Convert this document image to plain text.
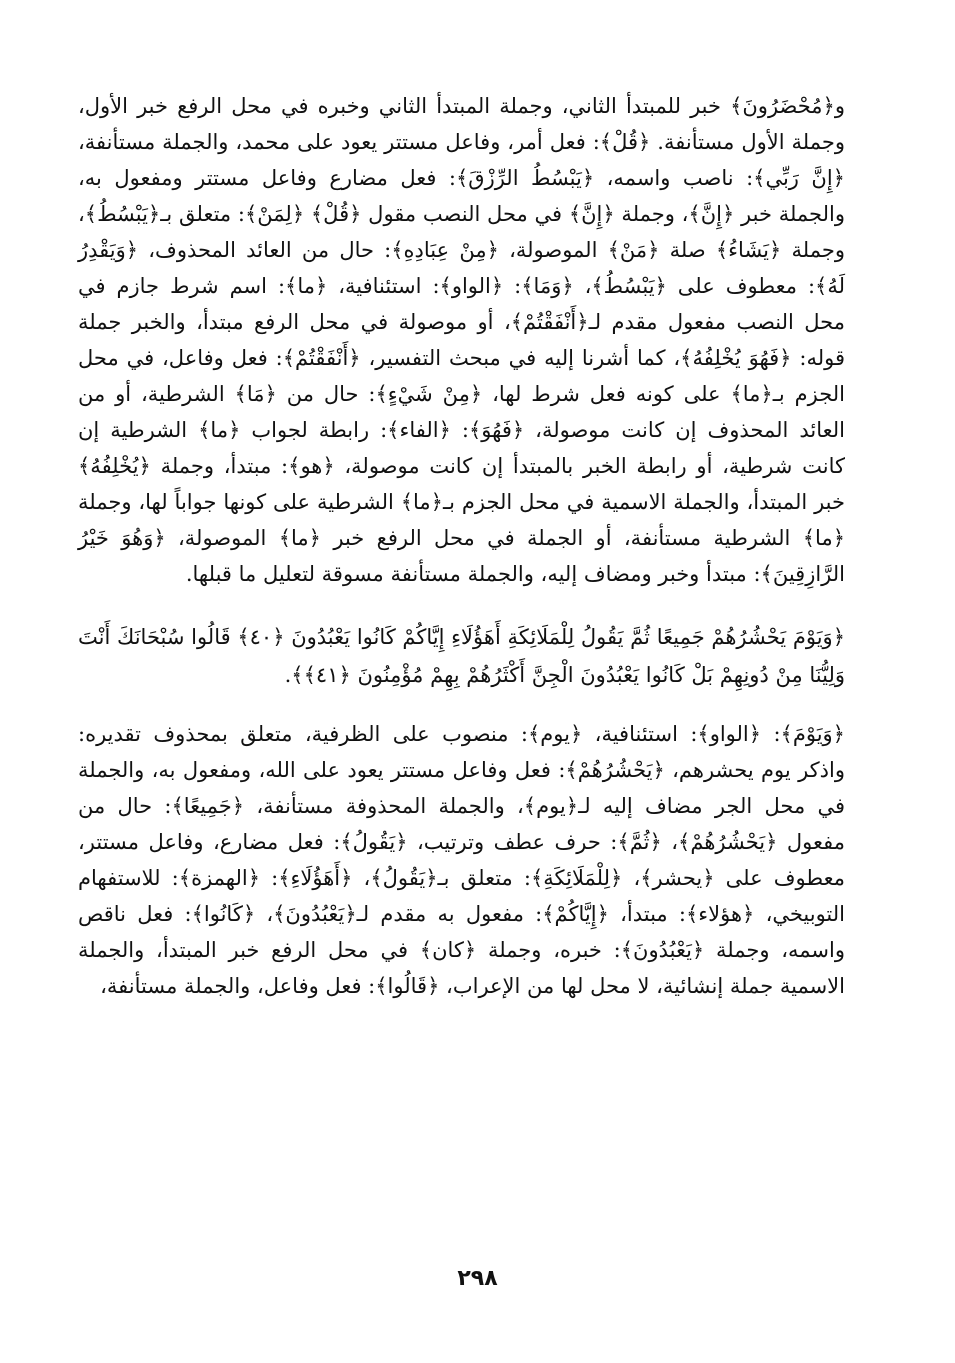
و﴿مُحْضَرُونَ﴾ خبر للمبتدأ الثاني، وجملة المبتدأ الثاني وخبره في محل الرفع خبر الأول، وجملة الأول مستأنفة. ﴿قُلْ﴾: فعل أمر، وفاعل مستتر يعود على محمد، والجملة مستأنفة، ﴿إِنَّ رَبِّي﴾: ناصب واسمه، ﴿يَبْسُطُ الرِّزْقَ﴾: فعل مضارع وفاعل مستتر ومفعول به، والجملة خبر ﴿إِنَّ﴾، وجملة ﴿إِنَّ﴾ في محل النصب مقول ﴿قُلْ﴾ ﴿لِمَنْ﴾: متعلق بـ﴿يَبْسُطُ﴾، وجملة ﴿يَشَاءُ﴾ صلة ﴿مَنْ﴾ الموصولة، ﴿مِنْ عِبَادِهِ﴾: حال من العائد المحذوف، ﴿وَيَقْدِرُ لَهُ﴾: معطوف على ﴿يَبْسُطُ﴾، ﴿وَمَا﴾: ﴿الواو﴾: استئنافية، ﴿ما﴾: اسم شرط جازم في محل النصب مفعول مقدم لـ﴿أَنْفَقْتُمْ﴾، أو موصولة في محل الرفع مبتدأ، والخبر جملة قوله: ﴿فَهُوَ يُخْلِفُهُ﴾، كما أشرنا إليه في مبحث التفسير، ﴿أَنْفَقْتُمْ﴾: فعل وفاعل، في محل الجزم بـ﴿ما﴾ على كونه فعل شرط لها، ﴿مِنْ شَيْءٍ﴾: حال من ﴿مَا﴾ الشرطية، أو من العائد المحذوف إن كانت موصولة، ﴿فَهُوَ﴾: ﴿الفاء﴾: رابطة لجواب ﴿ما﴾ الشرطية إن كانت شرطية، أو رابطة الخبر بالمبتدأ إن كانت موصولة، ﴿هو﴾: مبتدأ، وجملة ﴿يُخْلِفُهُ﴾ خبر المبتدأ، والجملة الاسمية في محل الجزم بـ﴿ما﴾ الشرطية على كونها جواباً لها، وجملة ﴿ما﴾ الشرطية مستأنفة، أو الجملة في محل الرفع خبر ﴿ما﴾ الموصولة، ﴿وَهُوَ خَيْرُ الرَّازِقِينَ﴾: مبتدأ وخبر ومضاف إليه، والجملة مستأنفة مسوقة لتعليل ما قبلها.

﴿وَيَوْمَ يَحْشُرُهُمْ جَمِيعًا ثُمَّ يَقُولُ لِلْمَلَائِكَةِ أَهَؤُلَاءِ إِيَّاكُمْ كَانُوا يَعْبُدُونَ ﴿٤٠﴾ قَالُوا سُبْحَانَكَ أَنْتَ وَلِيُّنَا مِنْ دُونِهِمْ بَلْ كَانُوا يَعْبُدُونَ الْجِنَّ أَكْثَرُهُمْ بِهِمْ مُؤْمِنُونَ ﴿٤١﴾﴾.

﴿وَيَوْمَ﴾: ﴿الواو﴾: استئنافية، ﴿يوم﴾: منصوب على الظرفية، متعلق بمحذوف تقديره: واذكر يوم يحشرهم، ﴿يَحْشُرُهُمْ﴾: فعل وفاعل مستتر يعود على الله، ومفعول به، والجملة في محل الجر مضاف إليه لـ﴿يوم﴾، والجملة المحذوفة مستأنفة، ﴿جَمِيعًا﴾: حال من مفعول ﴿يَحْشُرُهُمْ﴾، ﴿ثُمَّ﴾: حرف عطف وترتيب، ﴿يَقُولُ﴾: فعل مضارع، وفاعل مستتر، معطوف على ﴿يحشر﴾، ﴿لِلْمَلَائِكَةِ﴾: متعلق بـ﴿يَقُولُ﴾، ﴿أَهَؤُلَاءِ﴾: ﴿الهمزة﴾: للاستفهام التوبيخي، ﴿هؤلاء﴾: مبتدأ، ﴿إِيَّاكُمْ﴾: مفعول به مقدم لـ﴿يَعْبُدُونَ﴾، ﴿كَانُوا﴾: فعل ناقص واسمه، وجملة ﴿يَعْبُدُونَ﴾: خبره، وجملة ﴿كان﴾ في محل الرفع خبر المبتدأ، والجملة الاسمية جملة إنشائية، لا محل لها من الإعراب، ﴿قَالُوا﴾: فعل وفاعل، والجملة مستأنفة،

٢٩٨
